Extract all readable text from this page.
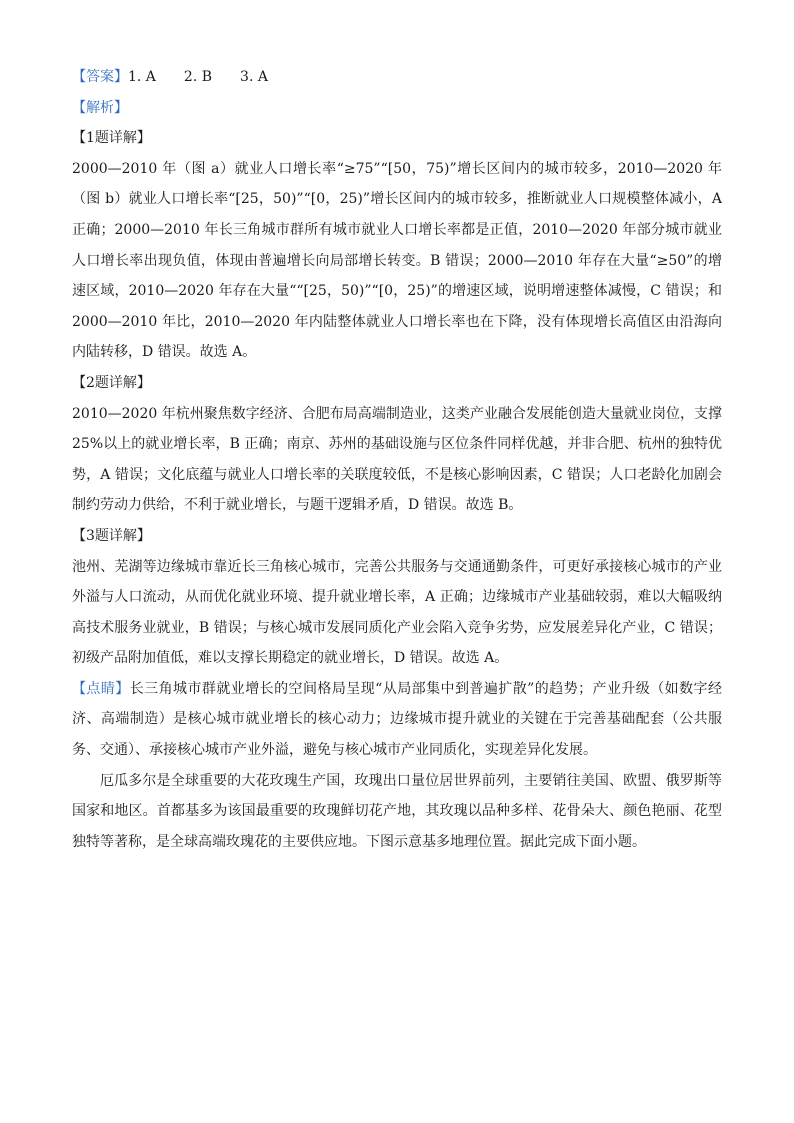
【答案】1. A 2. B 3. A
【解析】
【1题详解】

2000—2010 年（图 a）就业人口增长率“≥75”“[50，75)”增长区间内的城市较多，2010—2020 年（图 b）就业人口增长率“[25，50)”“[0，25)”增长区间内的城市较多，推断就业人口规模整体减小，A 正确；2000—2010 年长三角城市群所有城市就业人口增长率都是正值，2010—2020 年部分城市就业人口增长率出现负值，体现由普遍增长向局部增长转变。B 错误；2000—2010 年存在大量“≥50”的增速区域，2010—2020 年存在大量““[25，50)”“[0，25)”的增速区域，说明增速整体减慢，C 错误；和 2000—2010 年比，2010—2020 年内陆整体就业人口增长率也在下降，没有体现增长高值区由沿海向内陆转移，D 错误。故选 A。

【2题详解】

2010—2020 年杭州聚焦数字经济、合肥布局高端制造业，这类产业融合发展能创造大量就业岗位，支撑 25%以上的就业增长率，B 正确；南京、苏州的基础设施与区位条件同样优越，并非合肥、杭州的独特优势，A 错误；文化底蕴与就业人口增长率的关联度较低，不是核心影响因素，C 错误；人口老龄化加剧会制约劳动力供给，不利于就业增长，与题干逻辑矛盾，D 错误。故选 B。

【3题详解】

池州、芜湖等边缘城市靠近长三角核心城市，完善公共服务与交通通勤条件，可更好承接核心城市的产业外溢与人口流动，从而优化就业环境、提升就业增长率，A 正确；边缘城市产业基础较弱，难以大幅吸纳高技术服务业就业，B 错误；与核心城市发展同质化产业会陷入竞争劣势，应发展差异化产业，C 错误；初级产品附加值低，难以支撑长期稳定的就业增长，D 错误。故选 A。

【点睛】长三角城市群就业增长的空间格局呈现“从局部集中到普遍扩散”的趋势；产业升级（如数字经济、高端制造）是核心城市就业增长的核心动力；边缘城市提升就业的关键在于完善基础配套（公共服务、交通）、承接核心城市产业外溢，避免与核心城市产业同质化，实现差异化发展。

厄瓜多尔是全球重要的大花玫瑰生产国，玫瑰出口量位居世界前列，主要销往美国、欧盟、俄罗斯等国家和地区。首都基多为该国最重要的玫瑰鲜切花产地，其玫瑰以品种多样、花骨朵大、颜色艳丽、花型独特等著称，是全球高端玫瑰花的主要供应地。下图示意基多地理位置。据此完成下面小题。
